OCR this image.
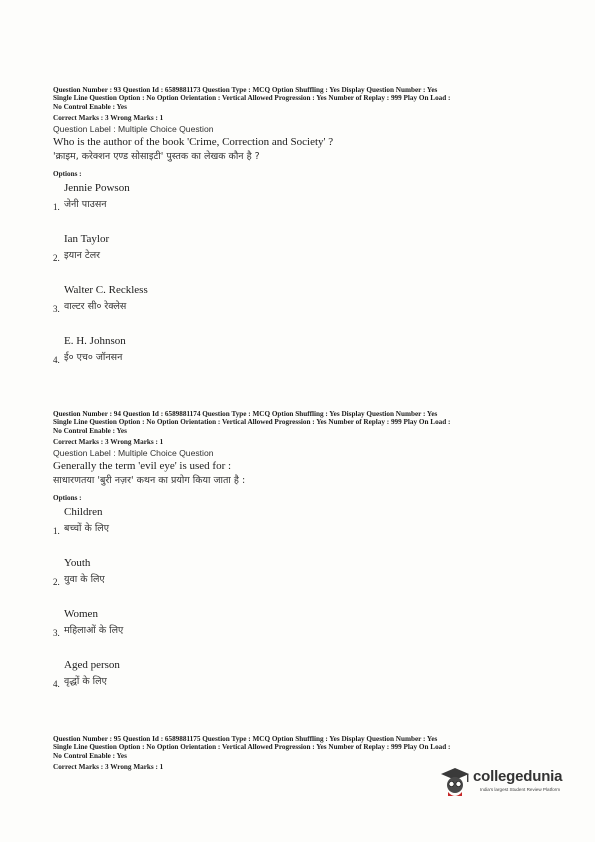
Question Number : 93 Question Id : 6589881173 Question Type : MCQ Option Shuffling : Yes Display Question Number : Yes
Single Line Question Option : No Option Orientation : Vertical Allowed Progression : Yes Number of Replay : 999 Play On Load :
No Control Enable : Yes
Correct Marks : 3 Wrong Marks : 1
Question Label : Multiple Choice Question
Who is the author of the book 'Crime, Correction and Society' ?
'क्राइम, करेक्शन एण्ड सोसाइटी' पुस्तक का लेखक कौन है ?
Options :
Jennie Powson
1. जेनी पाउसन
Ian Taylor
2. इयान टेलर
Walter C. Reckless
3. वाल्टर सी० रेक्लेस
E. H. Johnson
4. ई० एच० जॉनसन
Question Number : 94 Question Id : 6589881174 Question Type : MCQ Option Shuffling : Yes Display Question Number : Yes
Single Line Question Option : No Option Orientation : Vertical Allowed Progression : Yes Number of Replay : 999 Play On Load :
No Control Enable : Yes
Correct Marks : 3 Wrong Marks : 1
Question Label : Multiple Choice Question
Generally the term 'evil eye' is used for :
साधारणतया 'बुरी नज़र' कथन का प्रयोग किया जाता है :
Options :
Children
1. बच्चों के लिए
Youth
2. युवा के लिए
Women
3. महिलाओं के लिए
Aged person
4. वृद्धों के लिए
Question Number : 95 Question Id : 6589881175 Question Type : MCQ Option Shuffling : Yes Display Question Number : Yes
Single Line Question Option : No Option Orientation : Vertical Allowed Progression : Yes Number of Replay : 999 Play On Load :
No Control Enable : Yes
Correct Marks : 3 Wrong Marks : 1
collegedunia
India's largest Student Review Platform
